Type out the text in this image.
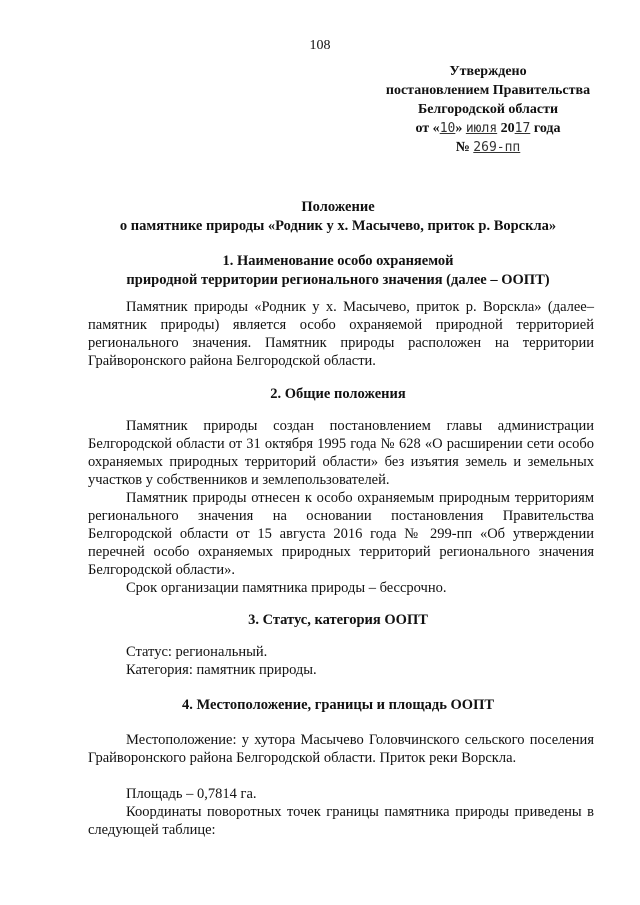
108
Утверждено
постановлением Правительства
Белгородской области
от «10» июля 2017 года
№ 269-пп
Положение
о памятнике природы «Родник у х. Масычево, приток р. Ворскла»
1. Наименование особо охраняемой
природной территории регионального значения (далее – ООПТ)
Памятник природы «Родник у х. Масычево, приток р. Ворскла» (далее–памятник природы) является особо охраняемой природной территорией регионального значения. Памятник природы расположен на территории Грайворонского района Белгородской области.
2. Общие положения
Памятник природы создан постановлением главы администрации Белгородской области от 31 октября 1995 года № 628 «О расширении сети особо охраняемых природных территорий области» без изъятия земель и земельных участков у собственников и землепользователей.
Памятник природы отнесен к особо охраняемым природным территориям регионального значения на основании постановления Правительства Белгородской области от 15 августа 2016 года № 299-пп «Об утверждении перечней особо охраняемых природных территорий регионального значения Белгородской области».
Срок организации памятника природы – бессрочно.
3. Статус, категория ООПТ
Статус: региональный.
Категория: памятник природы.
4. Местоположение, границы и площадь ООПТ
Местоположение: у хутора Масычево Головчинского сельского поселения Грайворонского района Белгородской области. Приток реки Ворскла.
Площадь – 0,7814 га.
Координаты поворотных точек границы памятника природы приведены в следующей таблице:
